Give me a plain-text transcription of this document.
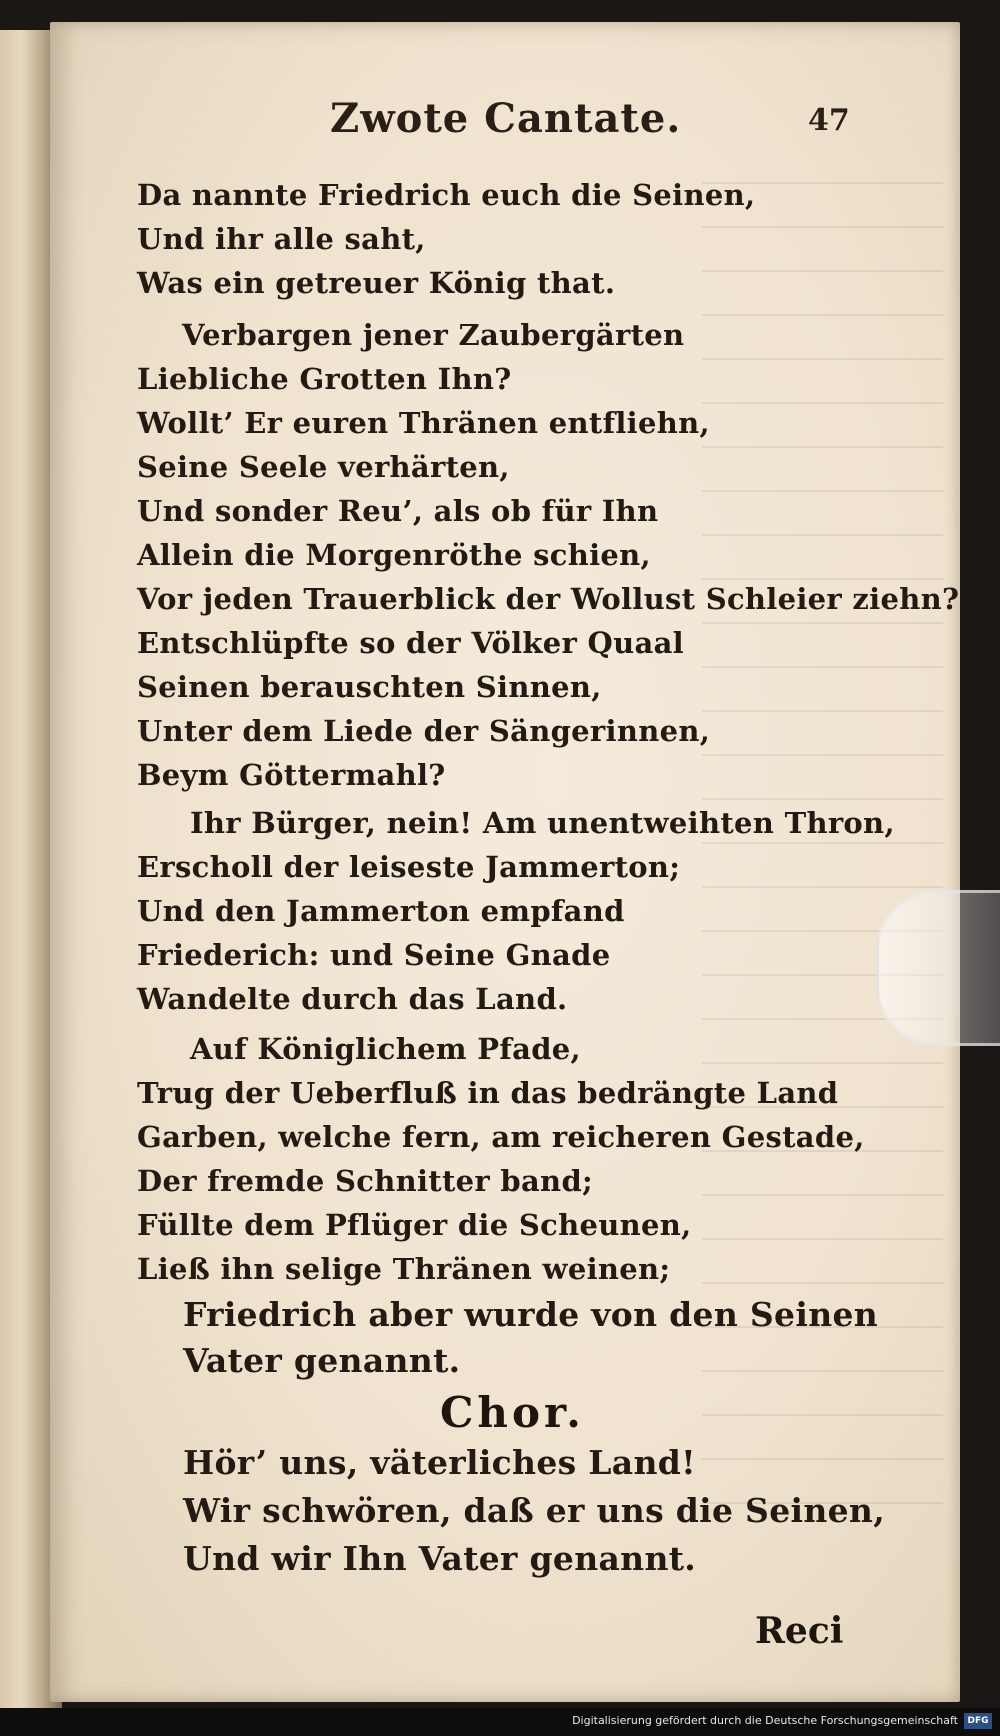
Zwote Cantate.	47
Da nannte Friedrich euch die Seinen,
Und ihr alle saht,
Was ein getreuer König that.
Verbargen jener Zaubergärten
Liebliche Grotten Ihn?
Wollt’ Er euren Thränen entfliehn,
Seine Seele verhärten,
Und sonder Reu’, als ob für Ihn
Allein die Morgenröthe schien,
Vor jeden Trauerblick der Wollust Schleier ziehn?
Entschlüpfte so der Völker Quaal
Seinen berauschten Sinnen,
Unter dem Liede der Sängerinnen,
Beym Göttermahl?
Ihr Bürger, nein! Am unentweihten Thron,
Erscholl der leiseste Jammerton;
Und den Jammerton empfand
Friederich: und Seine Gnade
Wandelte durch das Land.
Auf Königlichem Pfade,
Trug der Ueberfluß in das bedrängte Land
Garben, welche fern, am reicheren Gestade,
Der fremde Schnitter band;
Füllte dem Pflüger die Scheunen,
Ließ ihn selige Thränen weinen;
Friedrich aber wurde von den Seinen
Vater genannt.
Chor.
Hör’ uns, väterliches Land!
Wir schwören, daß er uns die Seinen,
Und wir Ihn Vater genannt.
Reci
Digitalisierung gefördert durch die Deutsche Forschungsgemeinschaft	DFG
